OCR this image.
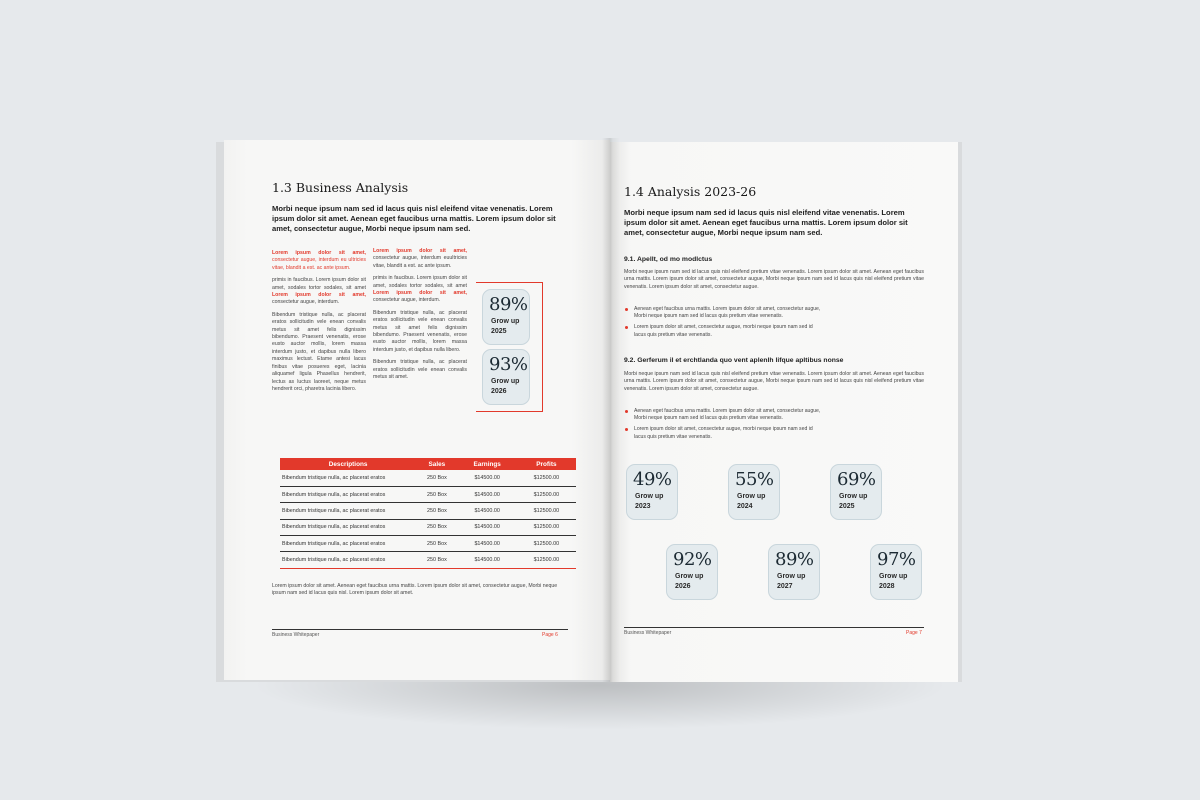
1.3 Business Analysis
Morbi neque ipsum nam sed id lacus quis nisl eleifend vitae venenatis. Lorem ipsum dolor sit amet. Aenean eget faucibus urna mattis. Lorem ipsum dolor sit amet, consectetur augue, Morbi neque ipsum nam sed.

Lorem ipsum dolor sit amet, consectetur augue, interdum eu ultricies vitae, blandit a est. ac ante ipsum.

primis in faucibus. Lorem ipsum dolor sit amet, sodales tortor sodales, sit amet Lorem ipsum dolor sit amet, consectetur augue, interdum.

Bibendum tristique nulla, ac placerat eratos sollicitudin vele enean convalis metus sit amet felis dignissim bibendumo. Praesent venenatis, erose eusto auctor mollis, lorem massa interdum justo, et dapibus nulla libero maximus lectust. Etame antesi lacus finibus vitae posueres eget, lacinia aliquamef ligula Phasellus hendrerit, lectus as luctus laoreet, neque metus hendrerit orci, pharetra lacinia libero.

Lorem ipsum dolor sit amet, consectetur augue, interdum euultricies vitae, blandit a est. ac ante ipsum.

primis in faucibus. Lorem ipsum dolor sit amet, sodales tortor sodales, sit amet Lorem ipsum dolor sit amet, consectetur augue, interdum.

Bibendum tristique nulla, ac placerat eratos sollicitudin vele enean convalis metus sit amet felis dignissim bibendumo. Praesent venenatis, erose eusto auctor mollis, lorem massa interdum justo, et dapibus nulla libero.

Bibendum tristique nulla, ac placerat eratos sollicitudin vele enean convalis metus sit amet.

89%
Grow up
2025
93%
Grow up
2026
Descriptions	Sales	Earnings	Profits
Bibendum tristique nulla, ac placerat eratos	250 Box	$14500.00	$12500.00
Bibendum tristique nulla, ac placerat eratos	250 Box	$14500.00	$12500.00
Bibendum tristique nulla, ac placerat eratos	250 Box	$14500.00	$12500.00
Bibendum tristique nulla, ac placerat eratos	250 Box	$14500.00	$12500.00
Bibendum tristique nulla, ac placerat eratos	250 Box	$14500.00	$12500.00
Bibendum tristique nulla, ac placerat eratos	250 Box	$14500.00	$12500.00
Lorem ipsum dolor sit amet. Aenean eget faucibus urna mattis. Lorem ipsum dolor sit amet, consectetur augue, Morbi neque ipsum nam sed id lacus quis nisl. Lorem ipsum dolor sit amet.
Business Whitepaper	Page 6
1.4 Analysis 2023-26
Morbi neque ipsum nam sed id lacus quis nisl eleifend vitae venenatis. Lorem ipsum dolor sit amet. Aenean eget faucibus urna mattis. Lorem ipsum dolor sit amet, consectetur augue, Morbi neque ipsum nam sed.
9.1. Apellt, od mo modlctus
Morbi neque ipsum nam sed id lacus quis nisl eleifend pretium vitae venenatis. Lorem ipsum dolor sit amet. Aenean eget faucibus urna mattis. Lorem ipsum dolor sit amet, consectetur augue, Morbi neque ipsum nam sed id lacus quis nisl eleifend pretium vitae venenatis. Lorem ipsum dolor sit amet, consectetur augue.
Aenean eget faucibus urna mattis. Lorem ipsum dolor sit amet, consectetur augue, Morbi neque ipsum nam sed id lacus quis pretium vitae venenatis.
Lorem ipsum dolor sit amet, consectetur augue, morbi neque ipsum nam sed id lacus quis pretium vitae venenatis.
9.2. Gerferum il et erchtlanda quo vent aplenlh lifque apltibus nonse
Morbi neque ipsum nam sed id lacus quis nisl eleifend pretium vitae venenatis. Lorem ipsum dolor sit amet. Aenean eget faucibus urna mattis. Lorem ipsum dolor sit amet, consectetur augue, Morbi neque ipsum nam sed id lacus quis nisl eleifend pretium vitae venenatis. Lorem ipsum dolor sit amet, consectetur augue.
Aenean eget faucibus urna mattis. Lorem ipsum dolor sit amet, consectetur augue, Morbi neque ipsum nam sed id lacus quis pretium vitae venenatis.
Lorem ipsum dolor sit amet, consectetur augue, morbi neque ipsum nam sed id lacus quis pretium vitae venenatis.
49%
Grow up
2023
55%
Grow up
2024
69%
Grow up
2025
92%
Grow up
2026
89%
Grow up
2027
97%
Grow up
2028
Business Whitepaper	Page 7
